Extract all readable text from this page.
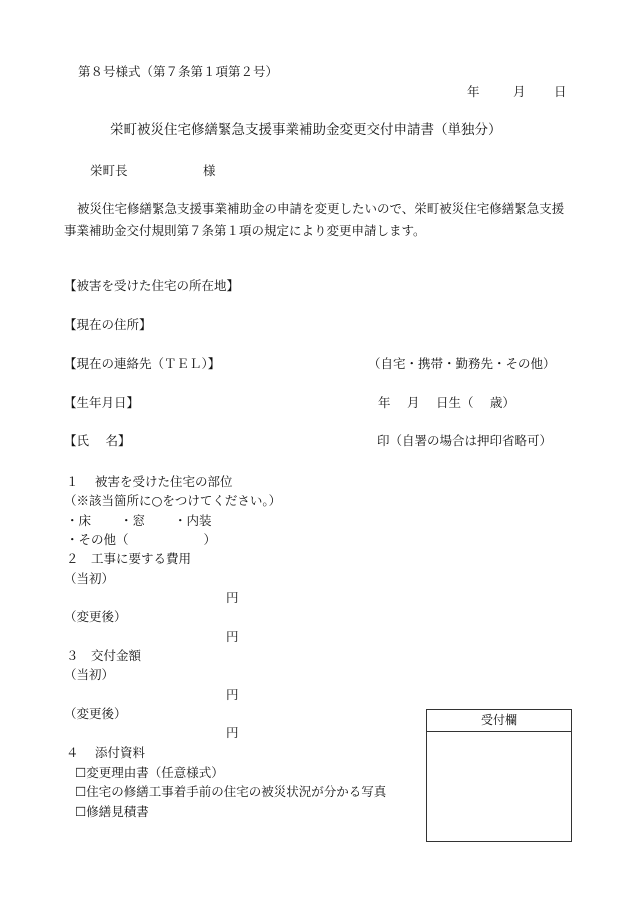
第８号様式（第７条第１項第２号）
年	月 日
栄町被災住宅修繕緊急支援事業補助金変更交付申請書（単独分）
栄町長	様
被災住宅修繕緊急支援事業補助金の申請を変更したいので、栄町被災住宅修繕緊急支援
事業補助金交付規則第７条第１項の規定により変更申請します。
【被害を受けた住宅の所在地】
【現在の住所】
【現在の連絡先（ＴＥＬ）】	（自宅・携帯・勤務先・その他）
【生年月日】	年　 月　 日生（　 歳）
【氏　 名】	印（自署の場合は押印省略可）
１　 被害を受けた住宅の部位
（※該当箇所に○をつけてください。）
・床　　 ・窓　　 ・内装
・その他（　　　　　　）
２　工事に要する費用
（当初）
円
（変更後）
円
３　交付金額
（当初）
円
（変更後）
円
４　 添付資料
☐変更理由書（任意様式）
☐住宅の修繕工事着手前の住宅の被災状況が分かる写真
☐修繕見積書
受付欄
